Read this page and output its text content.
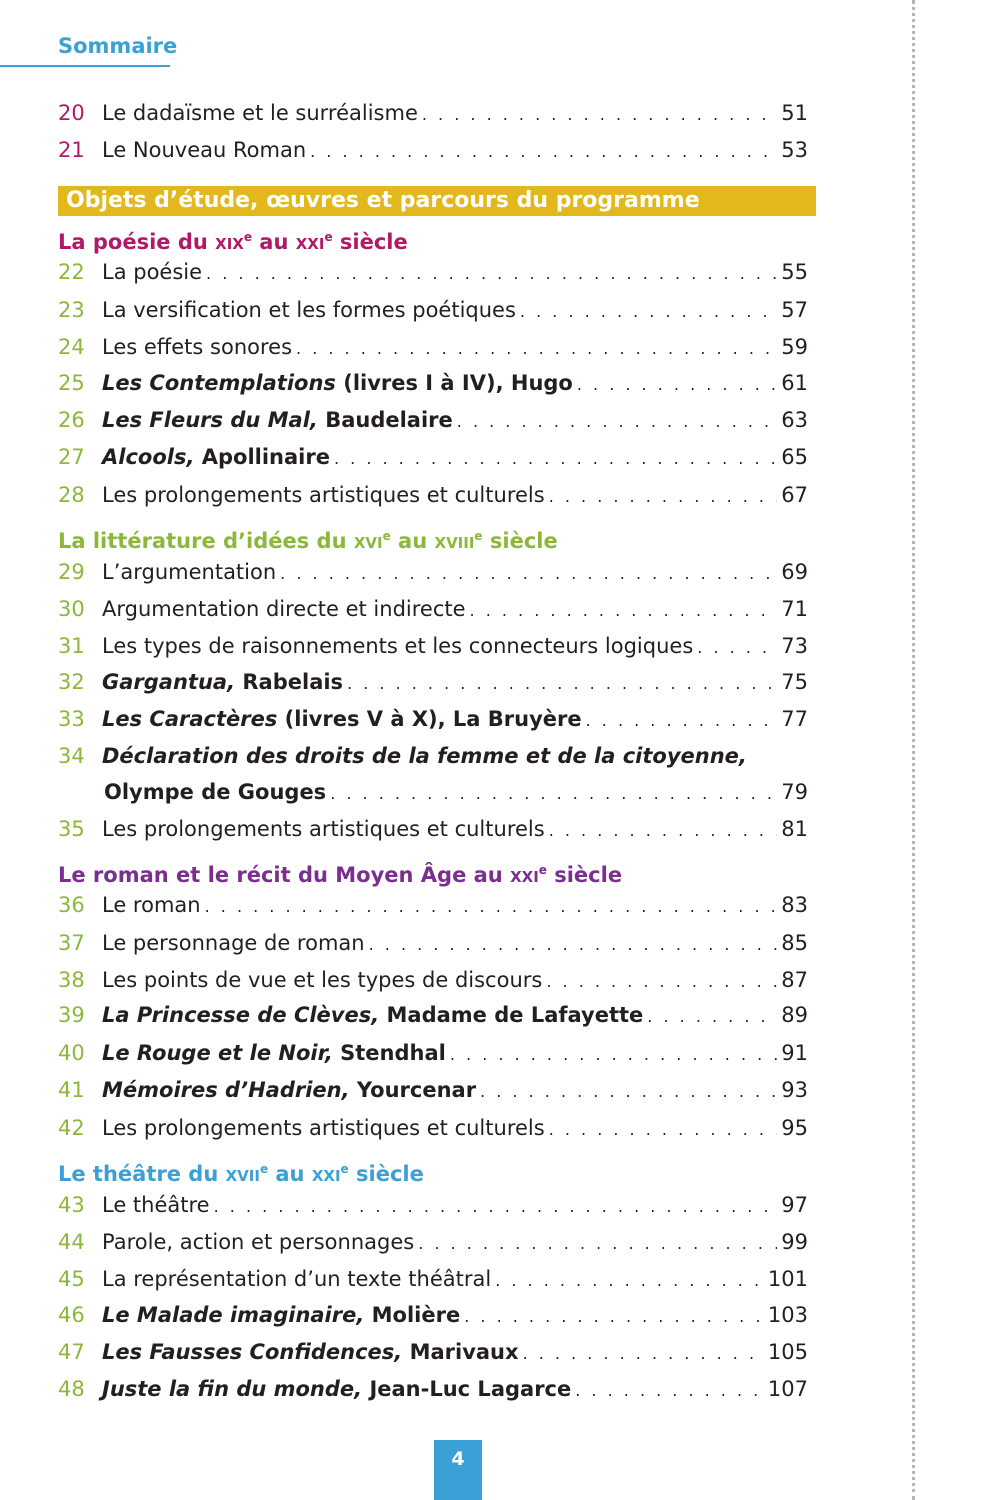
Sommaire
Objets d’étude, œuvres et parcours du programme
La poésie du xix$^e$ au xxi$^e$ siècle
La littérature d’idées du xvi$^e$ au xviii$^e$ siècle
Le roman et le récit du Moyen Âge au xxi$^e$ siècle
Le théâtre du xvii$^e$ au xxi$^e$ siècle
20 Le dadaïsme et le surréalisme . . .	51
21 Le Nouveau Roman . . .	53
22 La poésie . . .	55
23 La versification et les formes poétiques . . .	57
24 Les effets sonores . . .	59
25 Les Contemplations (livres I à IV), Hugo . . .	61
26 Les Fleurs du Mal, Baudelaire . . .	63
27 Alcools, Apollinaire . . .	65
28 Les prolongements artistiques et culturels . . .	67
29 L’argumentation . . .	69
30 Argumentation directe et indirecte . . .	71
31 Les types de raisonnements et les connecteurs logiques . . .	73
32 Gargantua, Rabelais . . .	75
33 Les Caractères (livres V à X), La Bruyère . . .	77
34 Déclaration des droits de la femme et de la citoyenne,
Olympe de Gouges . . .	79
35 Les prolongements artistiques et culturels . . .	81
36 Le roman . . .	83
37 Le personnage de roman . . .	85
38 Les points de vue et les types de discours . . .	87
39 La Princesse de Clèves, Madame de Lafayette . . .	89
40 Le Rouge et le Noir, Stendhal . . .	91
41 Mémoires d’Hadrien, Yourcenar . . .	93
42 Les prolongements artistiques et culturels . . .	95
43 Le théâtre . . .	97
44 Parole, action et personnages . . .	99
45 La représentation d’un texte théâtral . . .	101
46 Le Malade imaginaire, Molière . . .	103
47 Les Fausses Confidences, Marivaux . . .	105
48 Juste la fin du monde, Jean-Luc Lagarce . . .	107
4
